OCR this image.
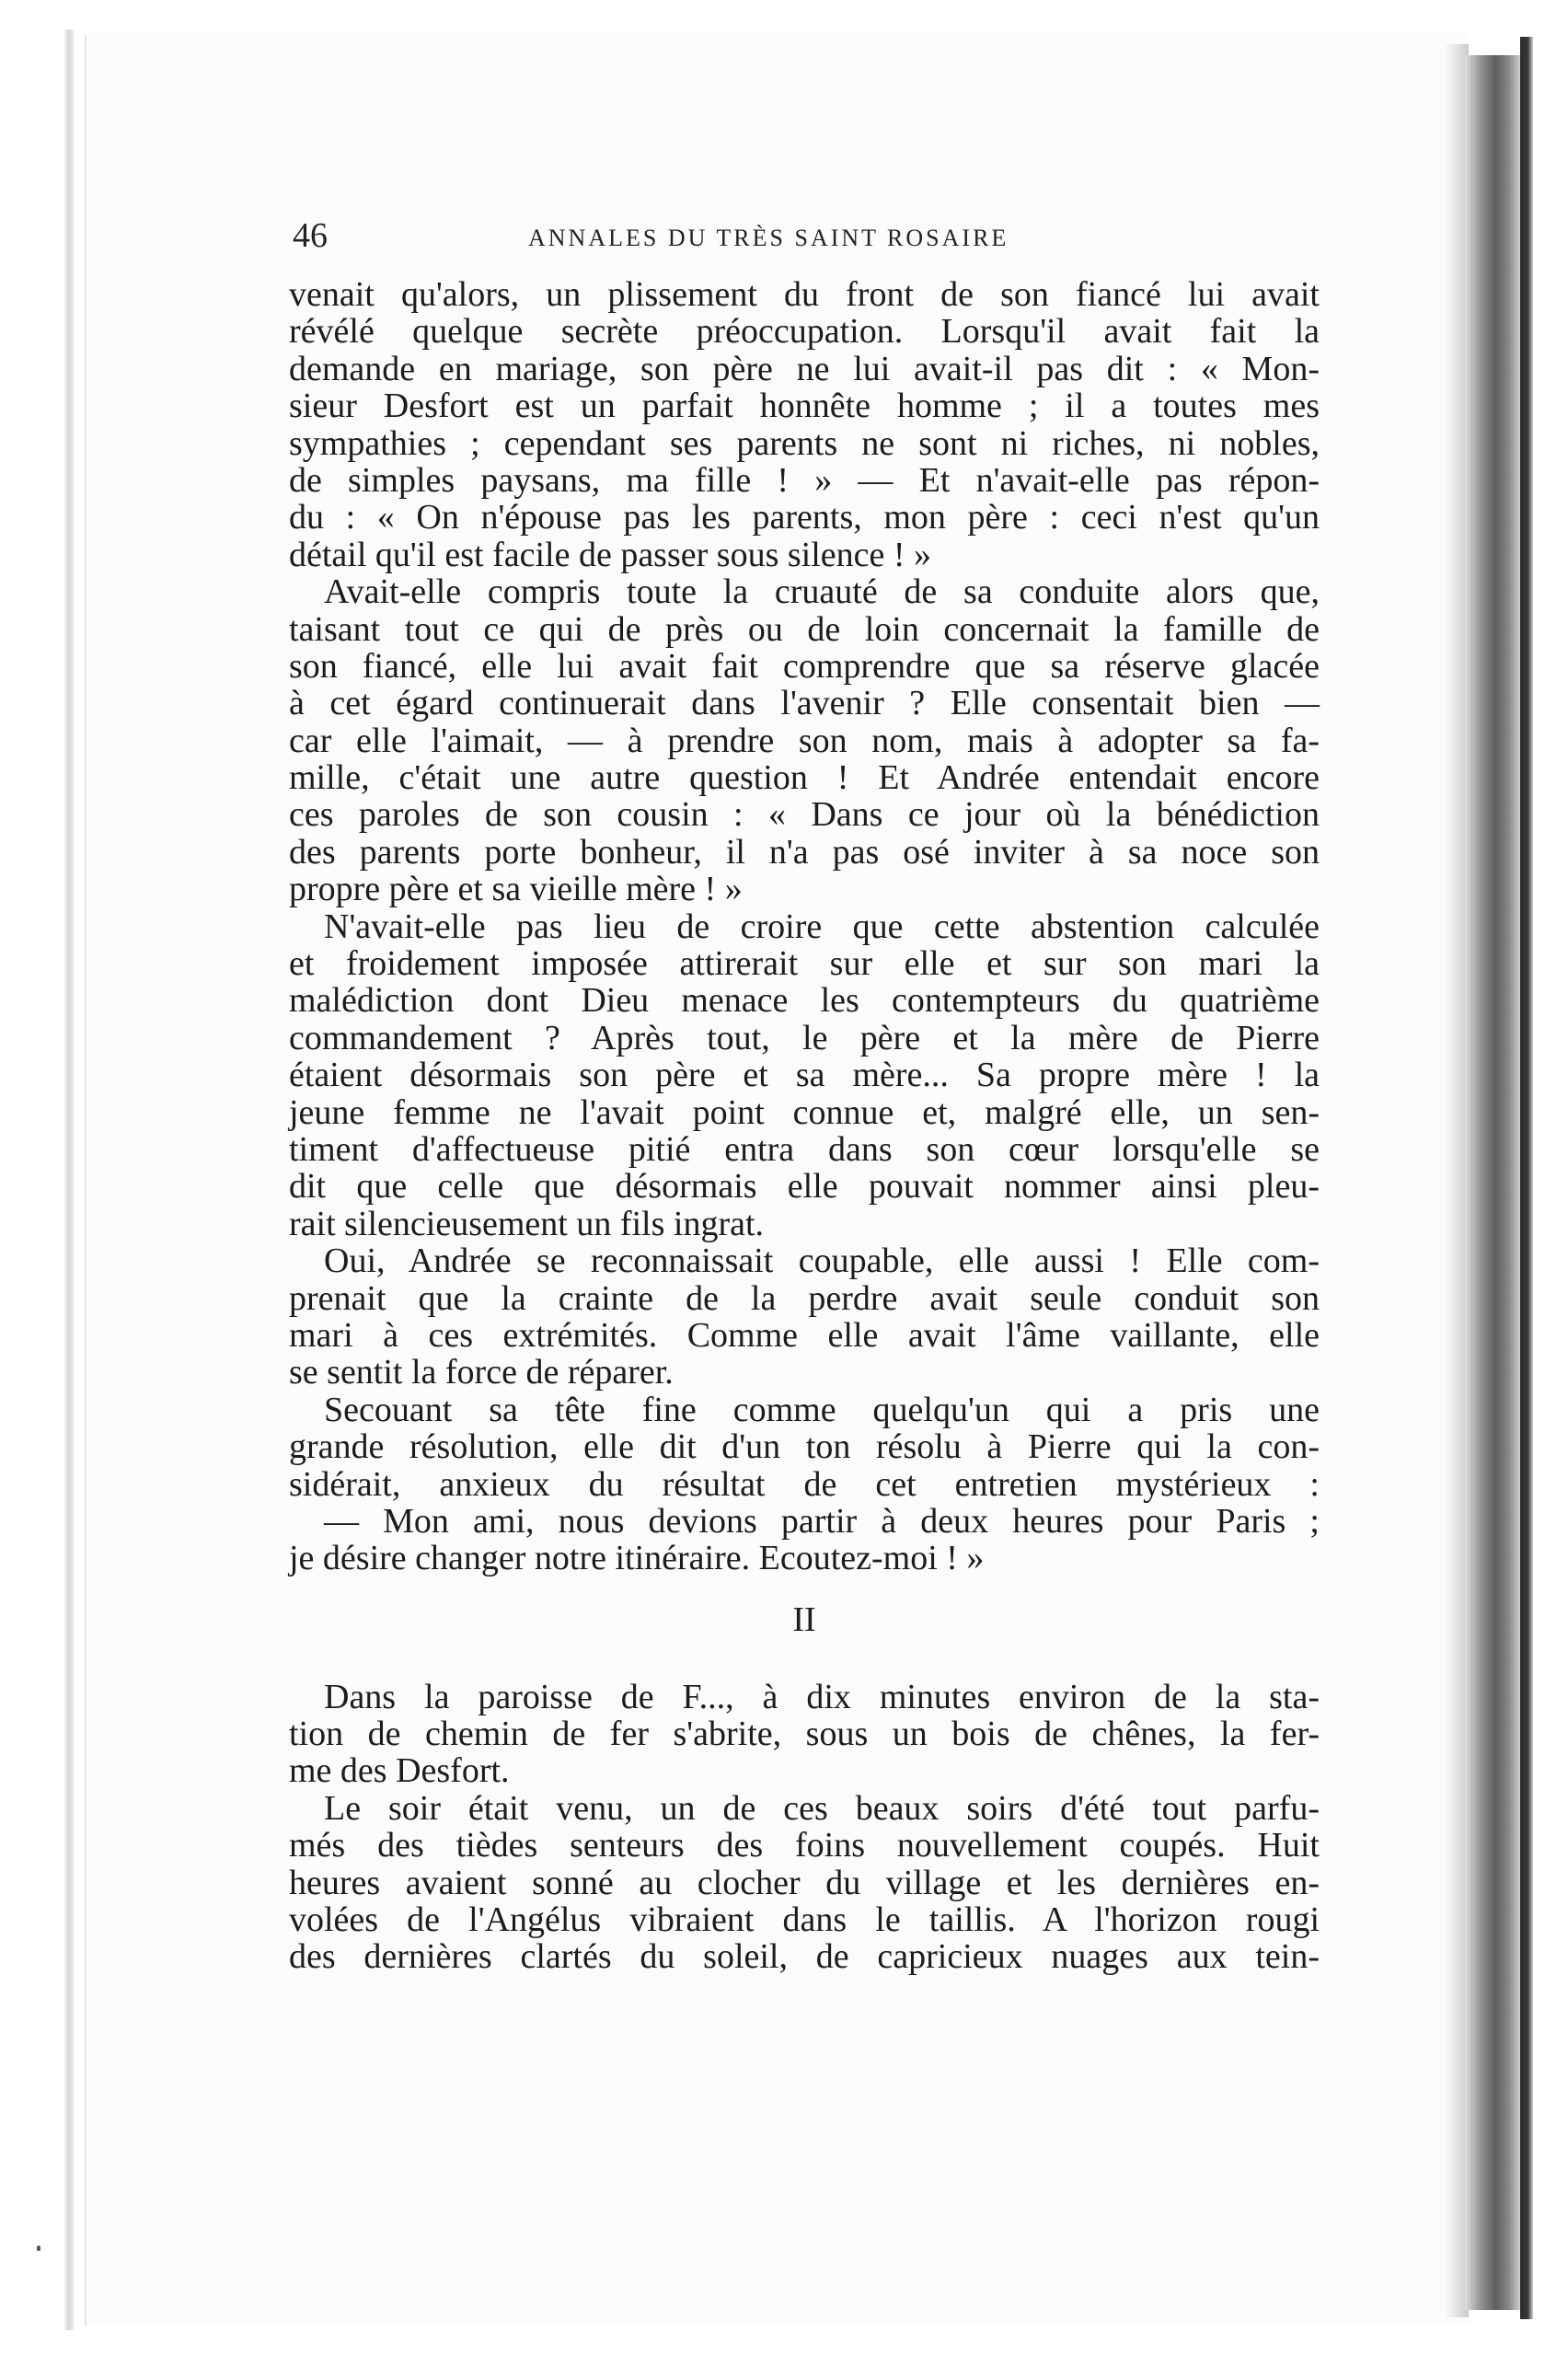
46	ANNALES DU TRÈS SAINT ROSAIRE
venait qu'alors, un plissement du front de son fiancé lui avait
révélé quelque secrète préoccupation. Lorsqu'il avait fait la
demande en mariage, son père ne lui avait-il pas dit : « Mon-
sieur Desfort est un parfait honnête homme ; il a toutes mes
sympathies ; cependant ses parents ne sont ni riches, ni nobles,
de simples paysans, ma fille ! » — Et n'avait-elle pas répon-
du : « On n'épouse pas les parents, mon père : ceci n'est qu'un
détail qu'il est facile de passer sous silence ! »
Avait-elle compris toute la cruauté de sa conduite alors que,
taisant tout ce qui de près ou de loin concernait la famille de
son fiancé, elle lui avait fait comprendre que sa réserve glacée
à cet égard continuerait dans l'avenir ? Elle consentait bien —
car elle l'aimait, — à prendre son nom, mais à adopter sa fa-
mille, c'était une autre question ! Et Andrée entendait encore
ces paroles de son cousin : « Dans ce jour où la bénédiction
des parents porte bonheur, il n'a pas osé inviter à sa noce son
propre père et sa vieille mère ! »
N'avait-elle pas lieu de croire que cette abstention calculée
et froidement imposée attirerait sur elle et sur son mari la
malédiction dont Dieu menace les contempteurs du quatrième
commandement ? Après tout, le père et la mère de Pierre
étaient désormais son père et sa mère... Sa propre mère ! la
jeune femme ne l'avait point connue et, malgré elle, un sen-
timent d'affectueuse pitié entra dans son cœur lorsqu'elle se
dit que celle que désormais elle pouvait nommer ainsi pleu-
rait silencieusement un fils ingrat.
Oui, Andrée se reconnaissait coupable, elle aussi ! Elle com-
prenait que la crainte de la perdre avait seule conduit son
mari à ces extrémités. Comme elle avait l'âme vaillante, elle
se sentit la force de réparer.
Secouant sa tête fine comme quelqu'un qui a pris une
grande résolution, elle dit d'un ton résolu à Pierre qui la con-
sidérait, anxieux du résultat de cet entretien mystérieux :
— Mon ami, nous devions partir à deux heures pour Paris ;
je désire changer notre itinéraire. Ecoutez-moi ! »
II
Dans la paroisse de F..., à dix minutes environ de la sta-
tion de chemin de fer s'abrite, sous un bois de chênes, la fer-
me des Desfort.
Le soir était venu, un de ces beaux soirs d'été tout parfu-
més des tièdes senteurs des foins nouvellement coupés. Huit
heures avaient sonné au clocher du village et les dernières en-
volées de l'Angélus vibraient dans le taillis. A l'horizon rougi
des dernières clartés du soleil, de capricieux nuages aux tein-
